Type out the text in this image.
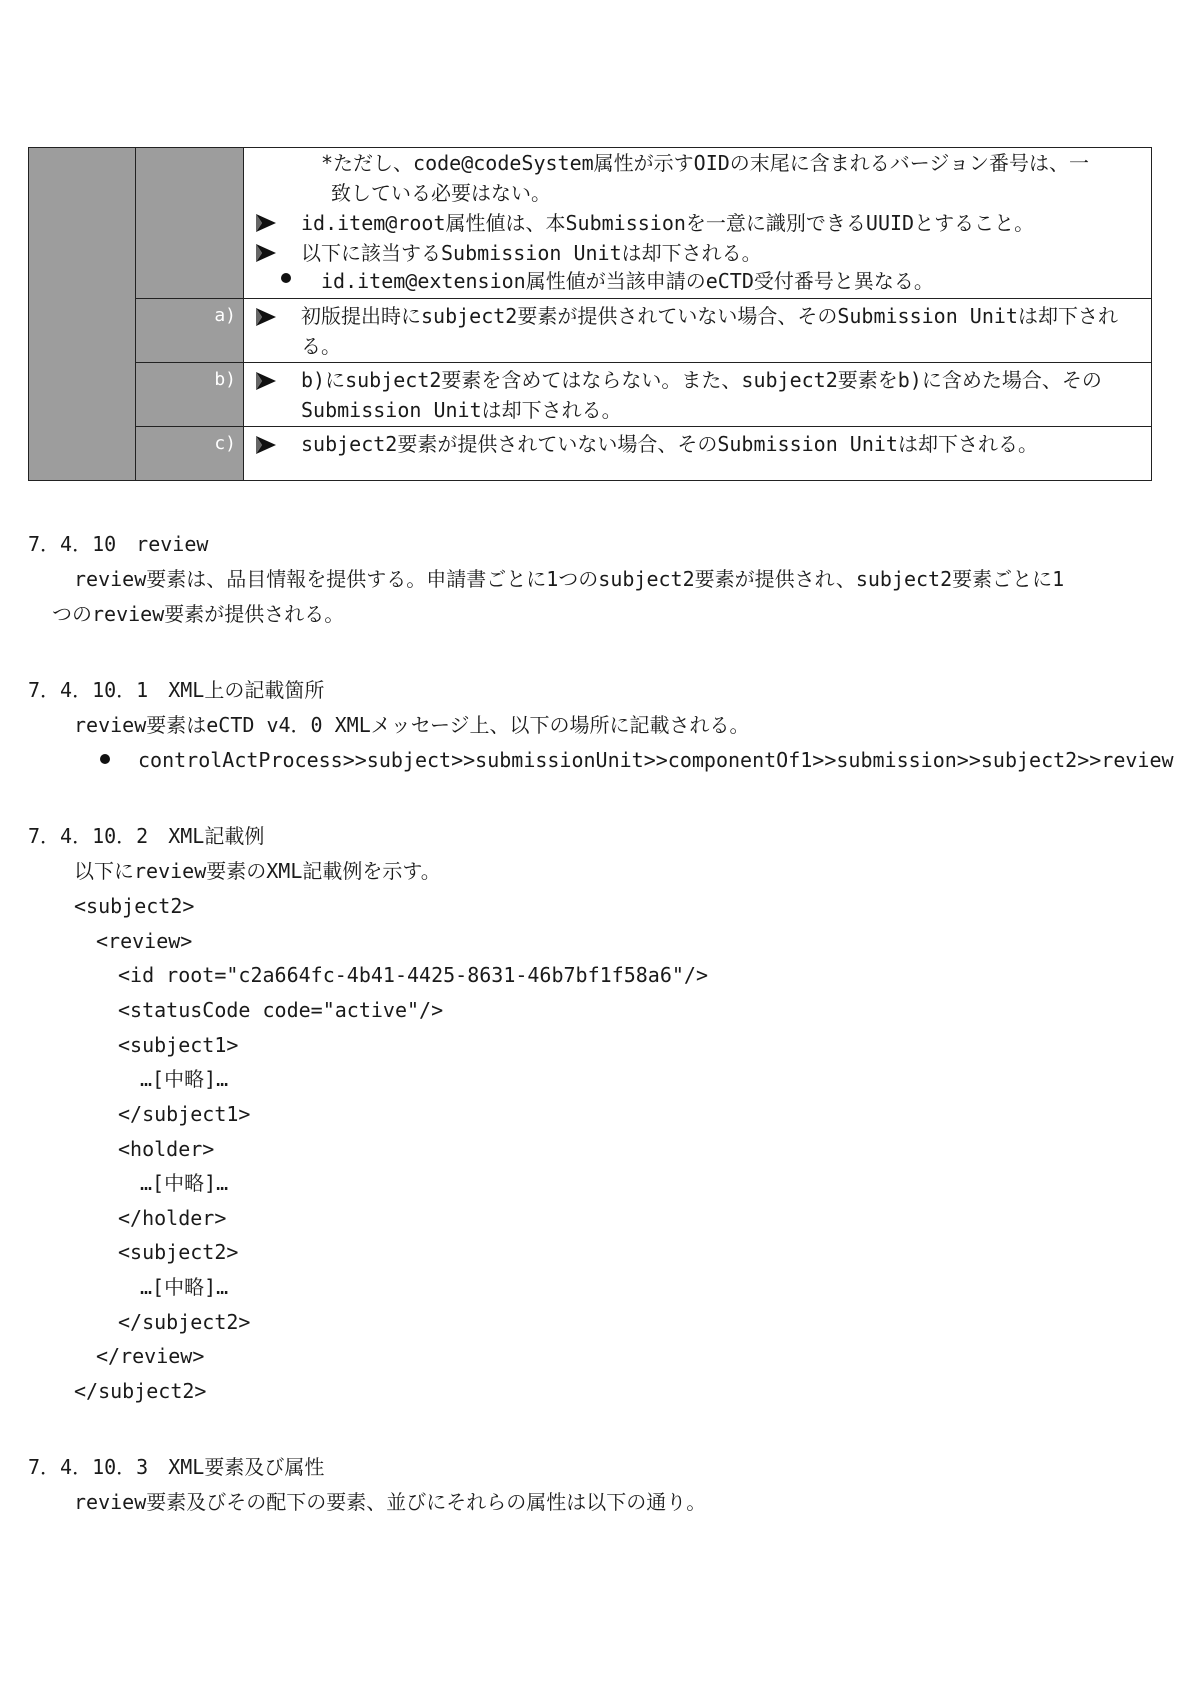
*ただし、code@codeSystem属性が示すOIDの末尾に含まれるバージョン番号は、一
致している必要はない。
id.item@root属性値は、本Submissionを一意に識別できるUUIDとすること。
以下に該当するSubmission Unitは却下される。
id.item@extension属性値が当該申請のeCTD受付番号と異なる。
a)	初版提出時にsubject2要素が提供されていない場合、そのSubmission Unitは却下され
る。
b)	b)にsubject2要素を含めてはならない。また、subject2要素をb)に含めた場合、その
Submission Unitは却下される。
c)	subject2要素が提供されていない場合、そのSubmission Unitは却下される。
7．4．10　review
review要素は、品目情報を提供する。申請書ごとに1つのsubject2要素が提供され、subject2要素ごとに1
つのreview要素が提供される。
7．4．10．1　XML上の記載箇所
review要素はeCTD v4．0 XMLメッセージ上、以下の場所に記載される。
controlActProcess>>subject>>submissionUnit>>componentOf1>>submission>>subject2>>review
7．4．10．2　XML記載例
以下にreview要素のXML記載例を示す。
<subject2>
<review>
<id root="c2a664fc-4b41-4425-8631-46b7bf1f58a6"/>
<statusCode code="active"/>
<subject1>
…[中略]…
</subject1>
<holder>
…[中略]…
</holder>
<subject2>
…[中略]…
</subject2>
</review>
</subject2>
7．4．10．3　XML要素及び属性
review要素及びその配下の要素、並びにそれらの属性は以下の通り。
